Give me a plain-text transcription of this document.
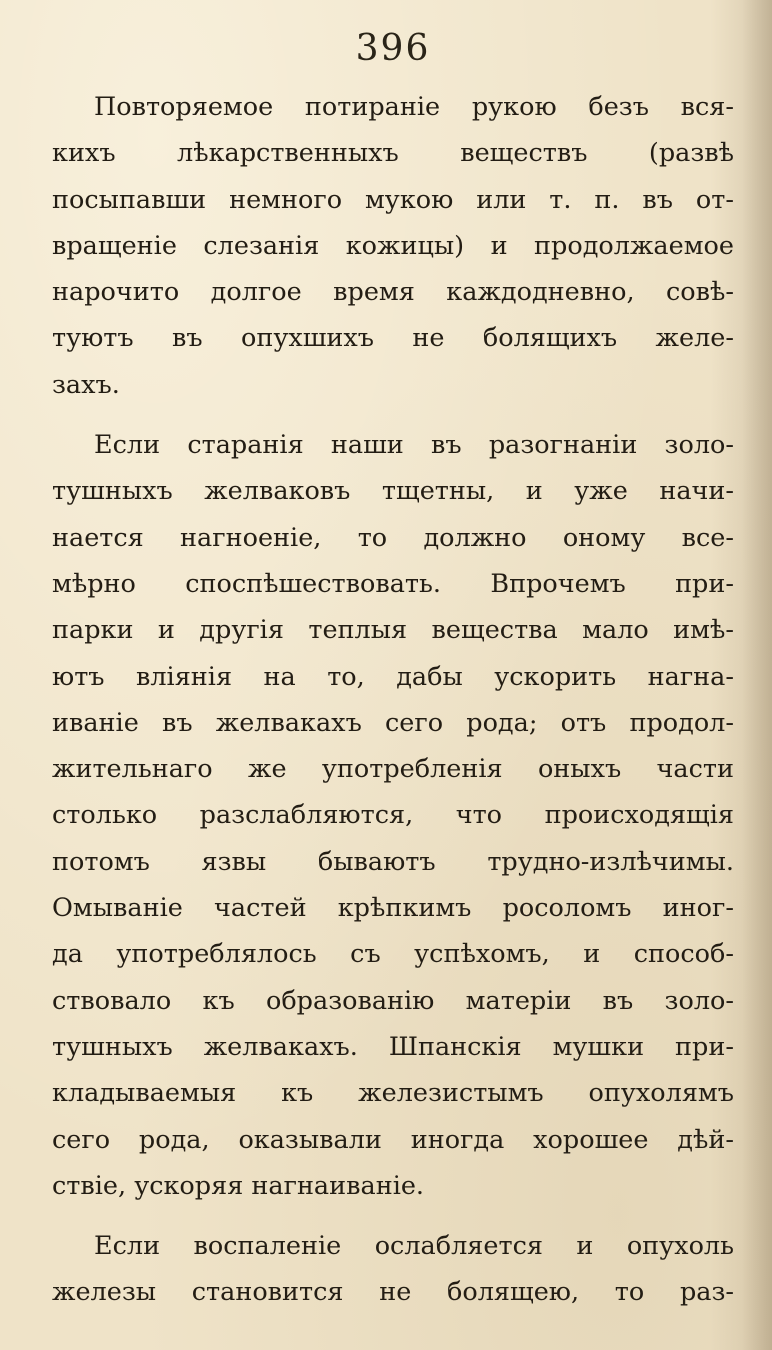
396
Повторяемое потираніе рукою безъ вся-
кихъ лѣкарственныхъ веществъ (развѣ
посыпавши немного мукою или т. п. въ от-
вращеніе слезанія кожицы) и продолжаемое
нарочито долгое время каждодневно, совѣ-
туютъ въ опухшихъ не болящихъ желе-
захъ.
Если старанія наши въ разогнаніи золо-
тушныхъ желваковъ тщетны, и уже начи-
нается нагноеніе, то должно оному все-
мѣрно споспѣшествовать. Впрочемъ при-
парки и другія теплыя вещества мало имѣ-
ютъ вліянія на то, дабы ускорить нагна-
иваніе въ желвакахъ сего рода; отъ продол-
жительнаго же употребленія оныхъ части
столько разслабляются, что происходящія
потомъ язвы бываютъ трудно-излѣчимы.
Омываніе частей крѣпкимъ росоломъ иног-
да употреблялось съ успѣхомъ, и способ-
ствовало къ образованію матеріи въ золо-
тушныхъ желвакахъ. Шпанскія мушки при-
кладываемыя къ железистымъ опухолямъ
сего рода, оказывали иногда хорошее дѣй-
ствіе, ускоряя нагнаиваніе.
Если воспаленіе ослабляется и опухоль
железы становится не болящею, то раз-
